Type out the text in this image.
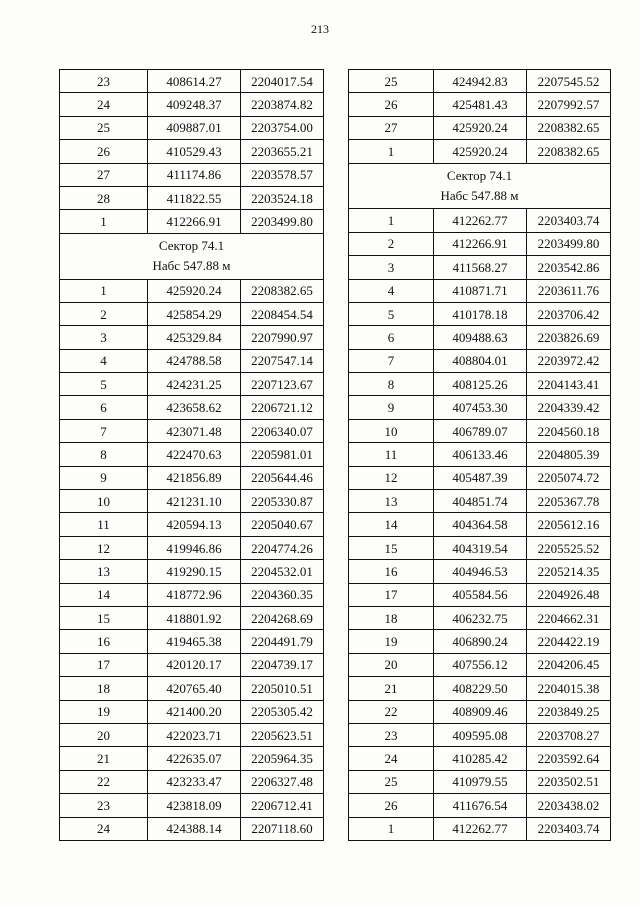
213
23	408614.27	2204017.54
24	409248.37	2203874.82
25	409887.01	2203754.00
26	410529.43	2203655.21
27	411174.86	2203578.57
28	411822.55	2203524.18
1	412266.91	2203499.80

Сектор 74.1
Набс 547.88 м		

1	425920.24	2208382.65
2	425854.29	2208454.54
3	425329.84	2207990.97
4	424788.58	2207547.14
5	424231.25	2207123.67
6	423658.62	2206721.12
7	423071.48	2206340.07
8	422470.63	2205981.01
9	421856.89	2205644.46
10	421231.10	2205330.87
11	420594.13	2205040.67
12	419946.86	2204774.26
13	419290.15	2204532.01
14	418772.96	2204360.35
15	418801.92	2204268.69
16	419465.38	2204491.79
17	420120.17	2204739.17
18	420765.40	2205010.51
19	421400.20	2205305.42
20	422023.71	2205623.51
21	422635.07	2205964.35
22	423233.47	2206327.48
23	423818.09	2206712.41
24	424388.14	2207118.60
25	424942.83	2207545.52
26	425481.43	2207992.57
27	425920.24	2208382.65
1	425920.24	2208382.65

Сектор 74.1
Набс 547.88 м		

1	412262.77	2203403.74
2	412266.91	2203499.80
3	411568.27	2203542.86
4	410871.71	2203611.76
5	410178.18	2203706.42
6	409488.63	2203826.69
7	408804.01	2203972.42
8	408125.26	2204143.41
9	407453.30	2204339.42
10	406789.07	2204560.18
11	406133.46	2204805.39
12	405487.39	2205074.72
13	404851.74	2205367.78
14	404364.58	2205612.16
15	404319.54	2205525.52
16	404946.53	2205214.35
17	405584.56	2204926.48
18	406232.75	2204662.31
19	406890.24	2204422.19
20	407556.12	2204206.45
21	408229.50	2204015.38
22	408909.46	2203849.25
23	409595.08	2203708.27
24	410285.42	2203592.64
25	410979.55	2203502.51
26	411676.54	2203438.02
1	412262.77	2203403.74
